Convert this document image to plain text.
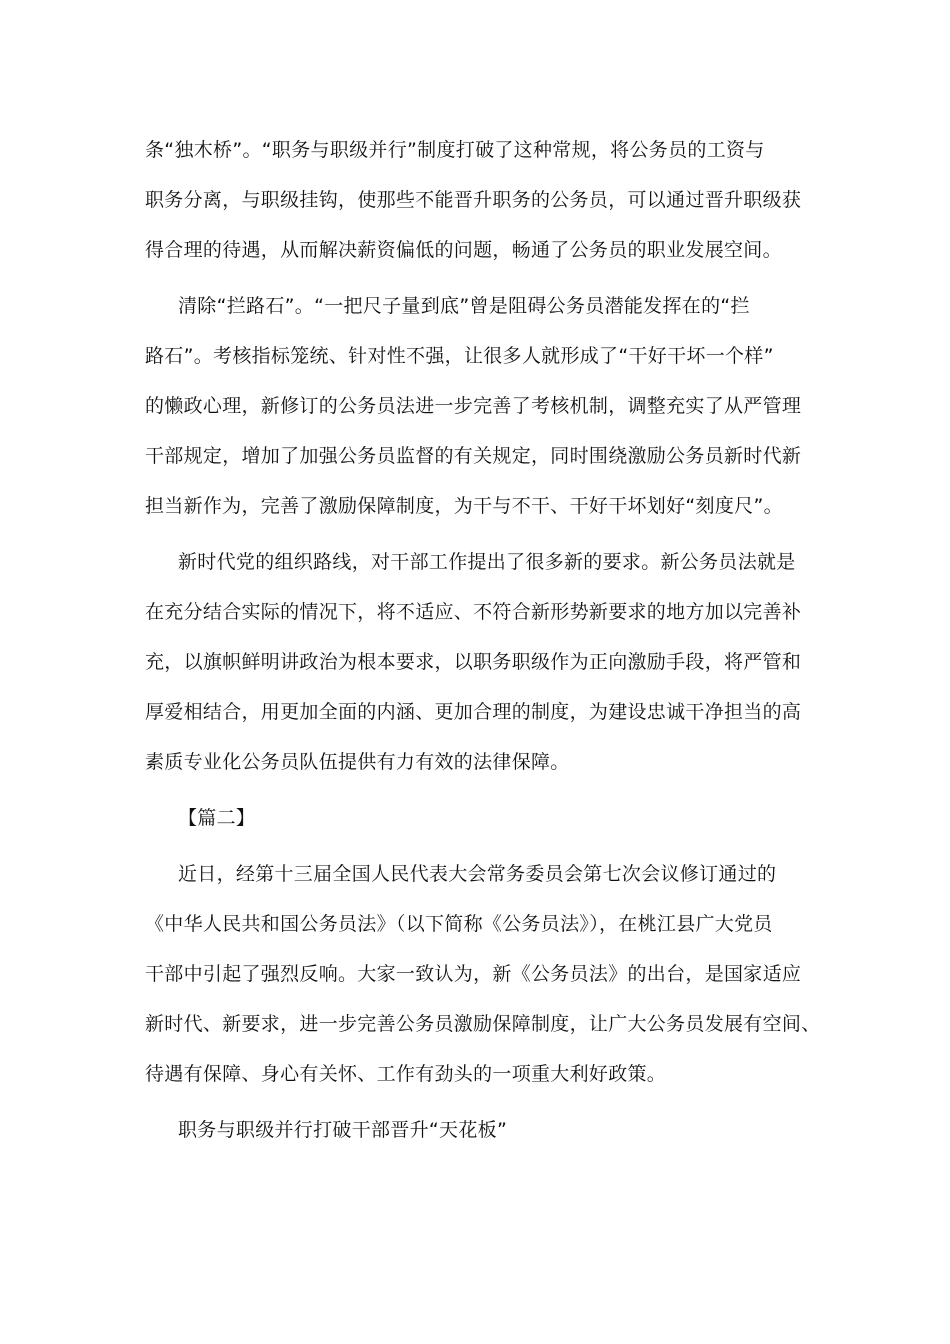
条“独木桥”。“职务与职级并行”制度打破了这种常规，将公务员的工资与
职务分离，与职级挂钩，使那些不能晋升职务的公务员，可以通过晋升职级获
得合理的待遇，从而解决薪资偏低的问题，畅通了公务员的职业发展空间。
清除“拦路石”。“一把尺子量到底”曾是阻碍公务员潜能发挥在的“拦
路石”。考核指标笼统、针对性不强，让很多人就形成了“干好干坏一个样”
的懒政心理，新修订的公务员法进一步完善了考核机制，调整充实了从严管理
干部规定，增加了加强公务员监督的有关规定，同时围绕激励公务员新时代新
担当新作为，完善了激励保障制度，为干与不干、干好干坏划好“刻度尺”。
新时代党的组织路线，对干部工作提出了很多新的要求。新公务员法就是
在充分结合实际的情况下，将不适应、不符合新形势新要求的地方加以完善补
充，以旗帜鲜明讲政治为根本要求，以职务职级作为正向激励手段，将严管和
厚爱相结合，用更加全面的内涵、更加合理的制度，为建设忠诚干净担当的高
素质专业化公务员队伍提供有力有效的法律保障。
【篇二】
近日，经第十三届全国人民代表大会常务委员会第七次会议修订通过的
《中华人民共和国公务员法》（以下简称《公务员法》），在桃江县广大党员
干部中引起了强烈反响。大家一致认为，新《公务员法》的出台，是国家适应
新时代、新要求，进一步完善公务员激励保障制度，让广大公务员发展有空间、
待遇有保障、身心有关怀、工作有劲头的一项重大利好政策。
职务与职级并行打破干部晋升“天花板”
